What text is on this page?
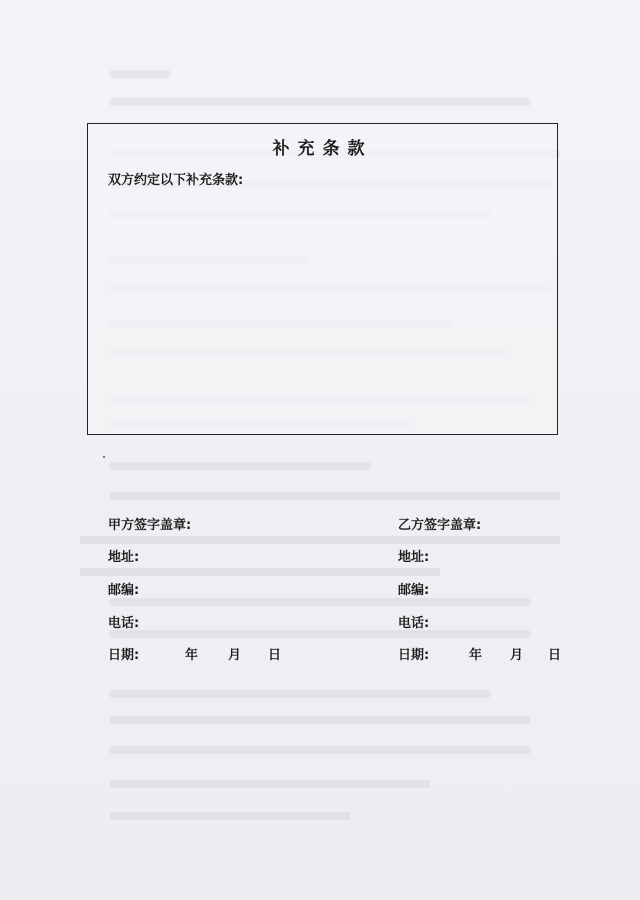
补充条款
双方约定以下补充条款:
甲方签字盖章:
地址:
邮编:
电话:
日期:	年 月 日
乙方签字盖章:
地址:
邮编:
电话:
日期:	年 月 日
